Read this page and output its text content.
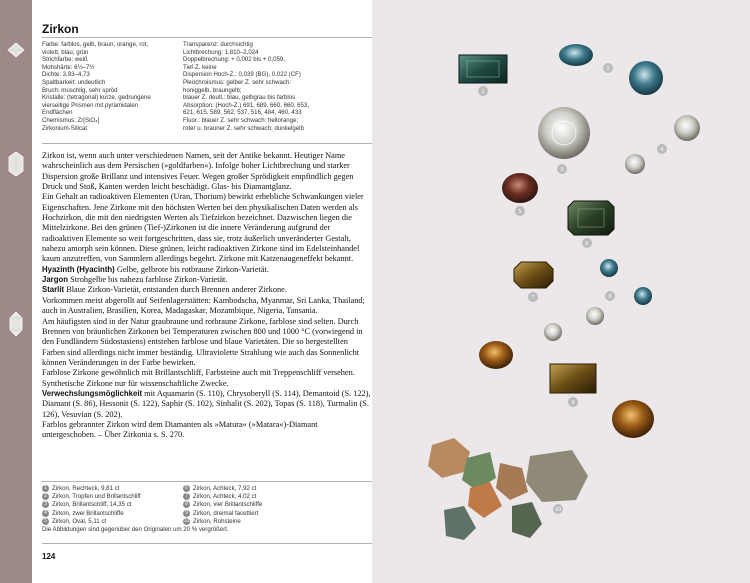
Zirkon
Farbe: farblos, gelb, braun, orange, rot,
violett, blau, grün
Strichfarbe: weiß
Mohshärte: 6½–7½
Dichte: 3,93–4,73
Spaltbarkeit: undeutlich
Bruch: muschlig, sehr spröd
Kristalle: (tetragonal) kurze, gedrungene
vierseitige Prismen mit pyramidalen
Endflächen
Chemismus: Zr[SiO₄]
Zirkonium-Silicat
Transparenz: durchsichtig
Lichtbrechung: 1,810–2,024
Doppelbrechung: + 0,002 bis + 0,059,
Tief-Z. keine
Dispersion Hoch-Z.: 0,039 (BG), 0,022 (CF)
Pleochroismus: gelber Z. sehr schwach:
honiggelb, braungelb;
blauer Z. deutl.: blau, gelbgrau bis farblos
Absorption: (Hoch-Z.) 691, 689, 660, 660, 653,
621, 615, 589, 562, 537, 516, 484, 460, 433
Fluor.: blauer Z. sehr schwach: hellorange;
roter u. brauner Z. sehr schwach: dunkelgelb

Zirkon ist, wenn auch unter verschiedenen Namen, seit der Antike bekannt. Heutiger Name wahrscheinlich aus dem Persischen (»goldfarben«). Infolge hoher Lichtbrechung und starker Dispersion große Brillanz und intensives Feuer. Wegen großer Sprödigkeit empfindlich gegen Druck und Stoß, Kanten werden leicht beschädigt. Glas- bis Diamantglanz.

Ein Gehalt an radioaktiven Elementen (Uran, Thorium) bewirkt erhebliche Schwankungen vieler Eigenschaften. Jene Zirkone mit den höchsten Werten bei den physikalischen Daten werden als Hochzirkon, die mit den niedrigsten Werten als Tiefzirkon bezeichnet. Dazwischen liegen die Mittelzirkone. Bei den grünen (Tief-)Zirkonen ist die innere Veränderung aufgrund der radioaktiven Elemente so weit fortgeschritten, dass sie, trotz äußerlich unveränderter Gestalt, nahezu amorph sein können. Diese grünen, leicht radioaktiven Zirkone sind im Edelsteinhandel kaum anzutreffen, von Sammlern allerdings begehrt. Zirkone mit Katzenaugeneffekt bekannt.

Hyazinth (Hyacinth) Gelbe, gelbrote bis rotbraune Zirkon-Varietät.

Jargon Strohgelbe bis nahezu farblose Zirkon-Varietät.

Starlit Blaue Zirkon-Varietät, entstanden durch Brennen anderer Zirkone.

Vorkommen meist abgerollt auf Seifenlagerstätten: Kambodscha, Myanmar, Sri Lanka, Thailand; auch in Australien, Brasilien, Korea, Madagaskar, Mozambique, Nigeria, Tansania.

Am häufigsten sind in der Natur graubraune und rotbraune Zirkone, farblose sind selten. Durch Brennen von bräunlichen Zirkonen bei Temperaturen zwischen 800 und 1000 °C (vorwiegend in den Fundländern Südostasiens) entstehen farblose und blaue Varietäten. Die so hergestellten Farben sind allerdings nicht immer beständig. Ultraviolette Strahlung wie auch das Sonnenlicht können Veränderungen in der Farbe bewirken.

Farblose Zirkone gewöhnlich mit Brillantschliff, Farbsteine auch mit Treppenschliff versehen. Synthetische Zirkone nur für wissenschaftliche Zwecke.

Verwechslungsmöglichkeit mit Aquamarin (S. 110), Chrysoberyll (S. 114), Demantoid (S. 122), Diamant (S. 86), Hessonit (S. 122), Saphir (S. 102), Sinhalit (S. 202), Topas (S. 118), Turmalin (S. 126), Vesuvian (S. 202).

Farblos gebrannter Zirkon wird dem Diamanten als »Matura« (»Matara«)-Diamant untergeschoben. – Über Zirkonia s. S. 270.

1 Zirkon, Rechteck, 9,81 ct
2 Zirkon, Tropfen und Brillantschliff
3 Zirkon, Brillantschliff, 14,35 ct
4 Zirkon, zwei Brillantschliffe
5 Zirkon, Oval, 5,11 ct
6 Zirkon, Achteck, 7,92 ct
7 Zirkon, Achteck, 4,02 ct
8 Zirkon, vier Brillantschliffe
9 Zirkon, dreimal facettiert
10 Zirkon, Rohsteine
Die Abbildungen sind gegenüber den Originalen um 20 % vergrößert.
124
1
2
3
4
5
6
7	8
9
10
